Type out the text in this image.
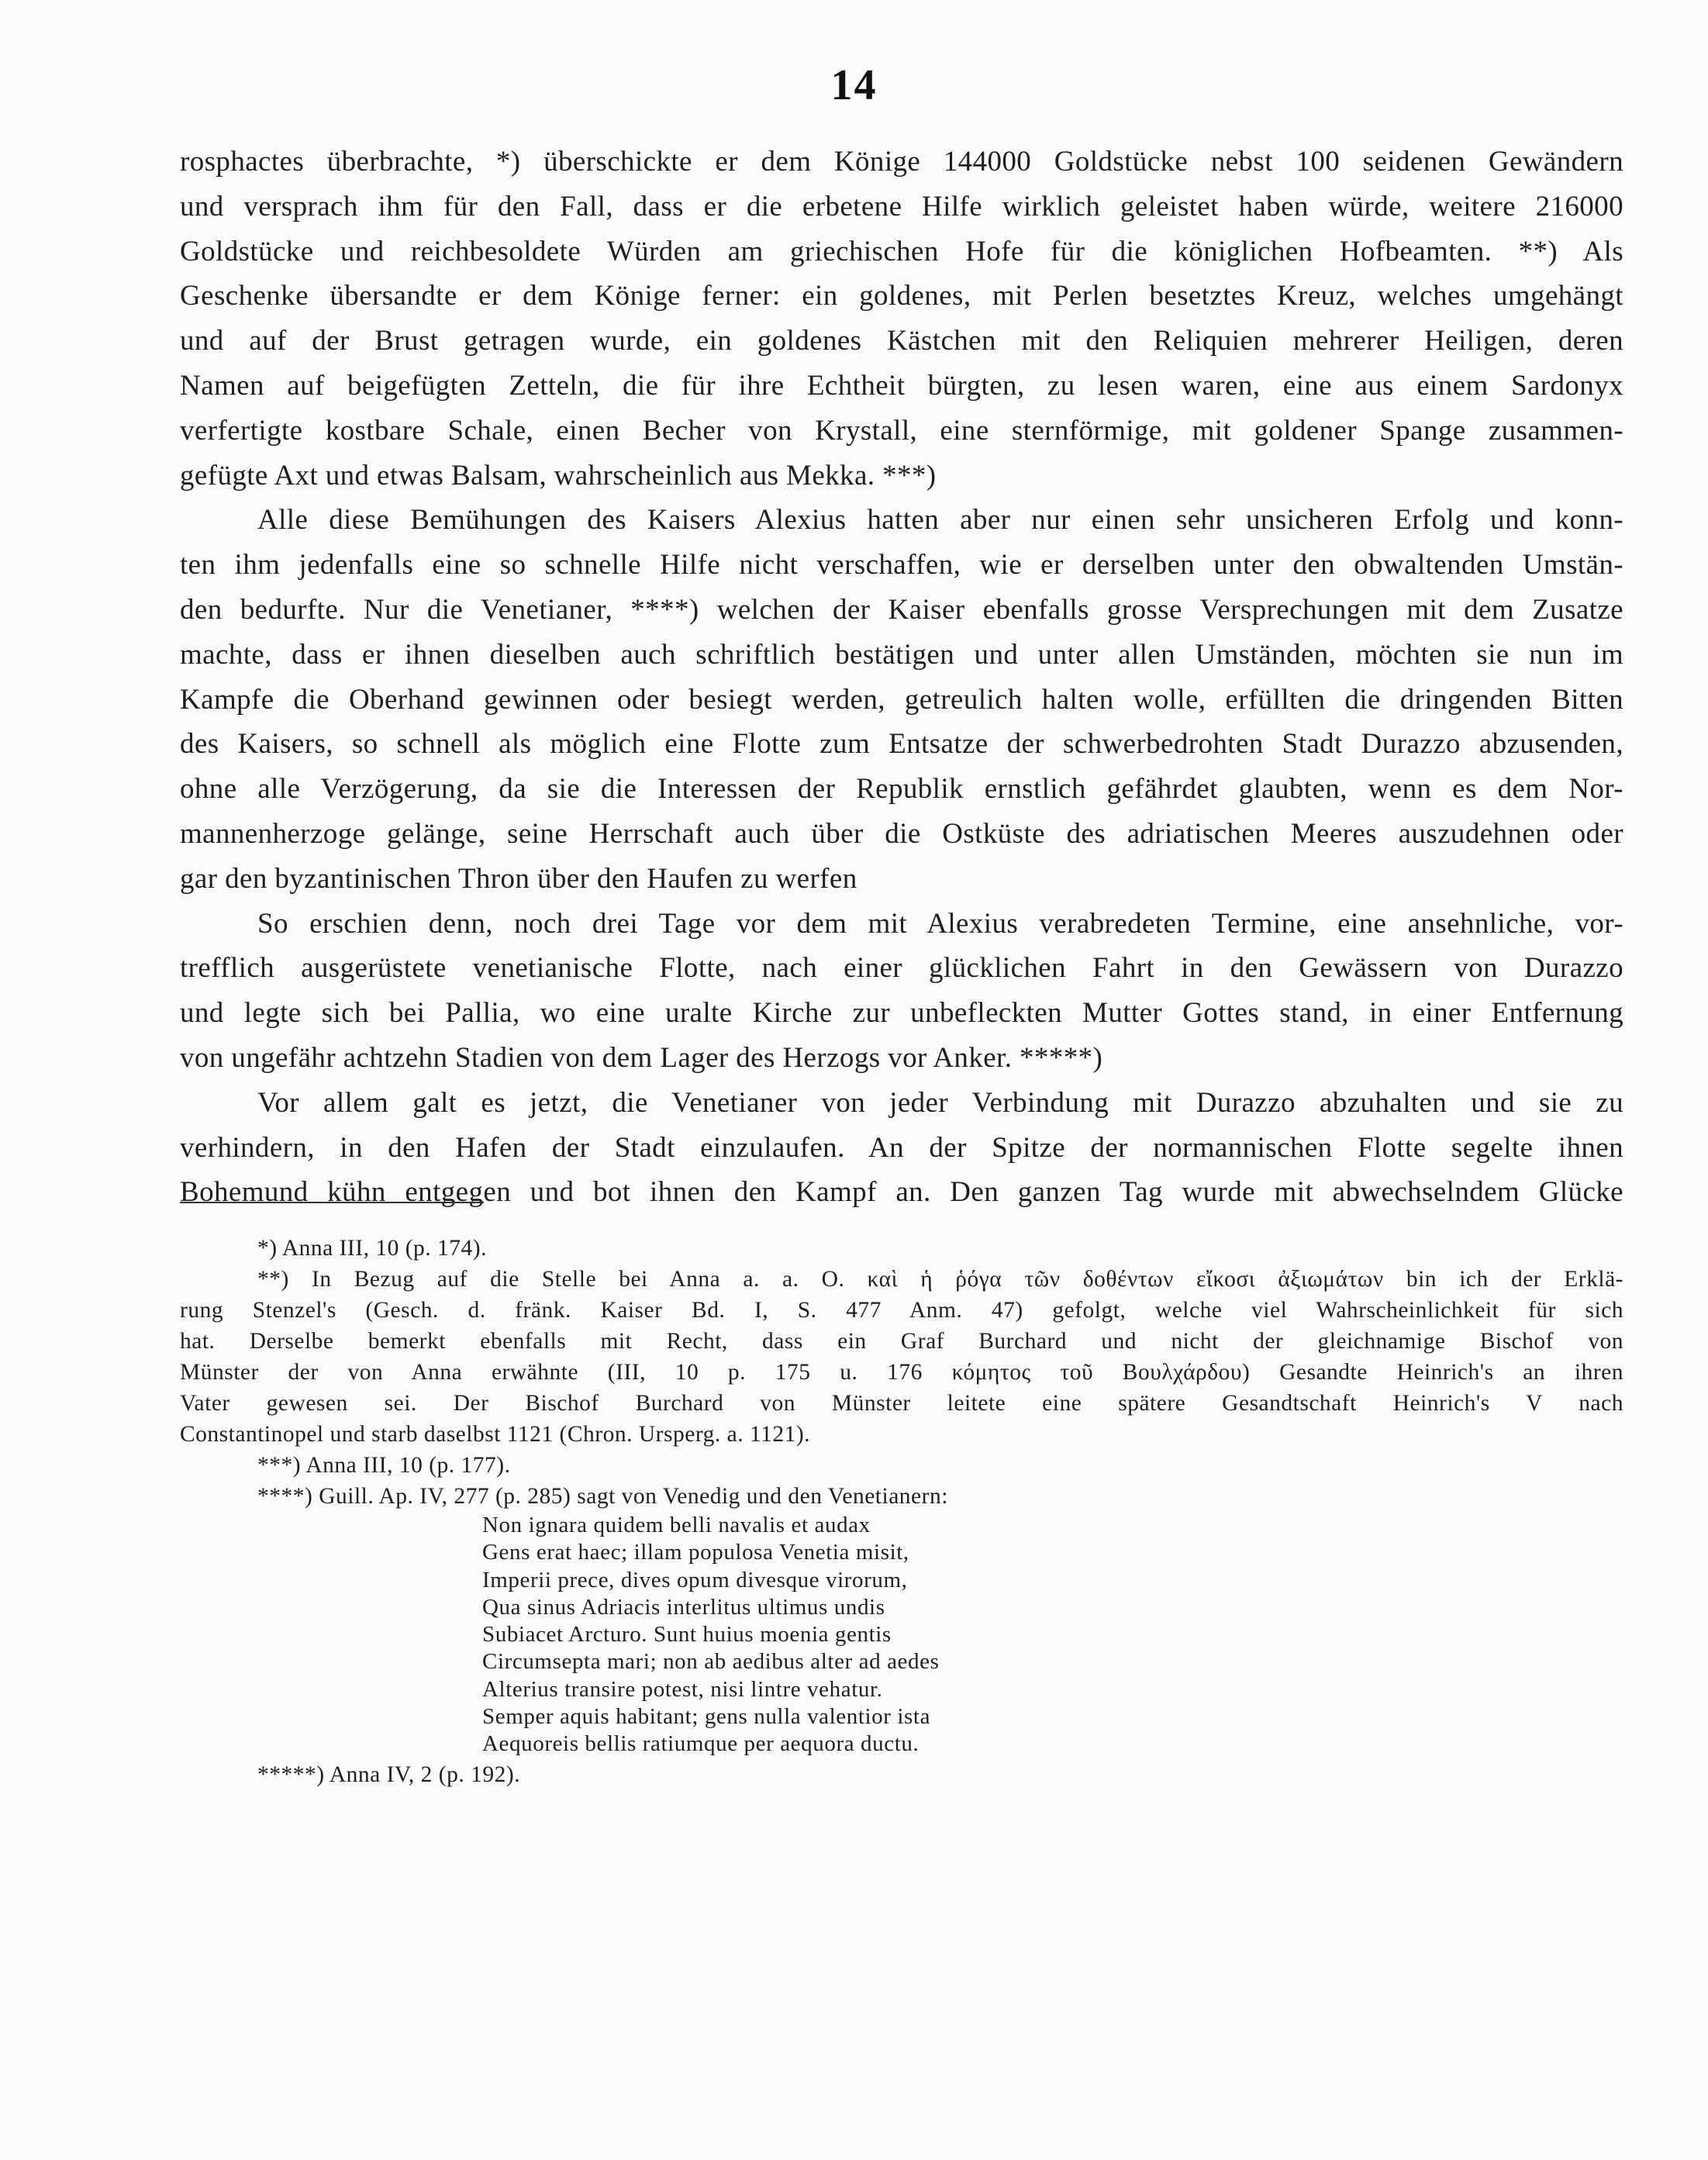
14
rosphactes überbrachte, *) überschickte er dem Könige 144000 Goldstücke nebst 100 seidenen Gewändern
und versprach ihm für den Fall, dass er die erbetene Hilfe wirklich geleistet haben würde, weitere 216000
Goldstücke und reichbesoldete Würden am griechischen Hofe für die königlichen Hofbeamten. **) Als
Geschenke übersandte er dem Könige ferner: ein goldenes, mit Perlen besetztes Kreuz, welches umgehängt
und auf der Brust getragen wurde, ein goldenes Kästchen mit den Reliquien mehrerer Heiligen, deren
Namen auf beigefügten Zetteln, die für ihre Echtheit bürgten, zu lesen waren, eine aus einem Sardonyx
verfertigte kostbare Schale, einen Becher von Krystall, eine sternförmige, mit goldener Spange zusammen-
gefügte Axt und etwas Balsam, wahrscheinlich aus Mekka. ***)
Alle diese Bemühungen des Kaisers Alexius hatten aber nur einen sehr unsicheren Erfolg und konn-
ten ihm jedenfalls eine so schnelle Hilfe nicht verschaffen, wie er derselben unter den obwaltenden Umstän-
den bedurfte. Nur die Venetianer, ****) welchen der Kaiser ebenfalls grosse Versprechungen mit dem Zusatze
machte, dass er ihnen dieselben auch schriftlich bestätigen und unter allen Umständen, möchten sie nun im
Kampfe die Oberhand gewinnen oder besiegt werden, getreulich halten wolle, erfüllten die dringenden Bitten
des Kaisers, so schnell als möglich eine Flotte zum Entsatze der schwerbedrohten Stadt Durazzo abzusenden,
ohne alle Verzögerung, da sie die Interessen der Republik ernstlich gefährdet glaubten, wenn es dem Nor-
mannenherzoge gelänge, seine Herrschaft auch über die Ostküste des adriatischen Meeres auszudehnen oder
gar den byzantinischen Thron über den Haufen zu werfen
So erschien denn, noch drei Tage vor dem mit Alexius verabredeten Termine, eine ansehnliche, vor-
trefflich ausgerüstete venetianische Flotte, nach einer glücklichen Fahrt in den Gewässern von Durazzo
und legte sich bei Pallia, wo eine uralte Kirche zur unbefleckten Mutter Gottes stand, in einer Entfernung
von ungefähr achtzehn Stadien von dem Lager des Herzogs vor Anker. *****)
Vor allem galt es jetzt, die Venetianer von jeder Verbindung mit Durazzo abzuhalten und sie zu
verhindern, in den Hafen der Stadt einzulaufen. An der Spitze der normannischen Flotte segelte ihnen
Bohemund kühn entgegen und bot ihnen den Kampf an. Den ganzen Tag wurde mit abwechselndem Glücke
*) Anna III, 10 (p. 174).
**) In Bezug auf die Stelle bei Anna a. a. O. καὶ ἡ ῥόγα τῶν δοθέντων εἴκοσι ἀξιωμάτων bin ich der Erklä-
rung Stenzel's (Gesch. d. fränk. Kaiser Bd. I, S. 477 Anm. 47) gefolgt, welche viel Wahrscheinlichkeit für sich
hat. Derselbe bemerkt ebenfalls mit Recht, dass ein Graf Burchard und nicht der gleichnamige Bischof von
Münster der von Anna erwähnte (III, 10 p. 175 u. 176 κόμητος τοῦ Βουλχάρδου) Gesandte Heinrich's an ihren
Vater gewesen sei. Der Bischof Burchard von Münster leitete eine spätere Gesandtschaft Heinrich's V nach
Constantinopel und starb daselbst 1121 (Chron. Ursperg. a. 1121).
***) Anna III, 10 (p. 177).
****) Guill. Ap. IV, 277 (p. 285) sagt von Venedig und den Venetianern:
Non ignara quidem belli navalis et audax
Gens erat haec; illam populosa Venetia misit,
Imperii prece, dives opum divesque virorum,
Qua sinus Adriacis interlitus ultimus undis
Subiacet Arcturo. Sunt huius moenia gentis
Circumsepta mari; non ab aedibus alter ad aedes
Alterius transire potest, nisi lintre vehatur.
Semper aquis habitant; gens nulla valentior ista
Aequoreis bellis ratiumque per aequora ductu.
*****) Anna IV, 2 (p. 192).
